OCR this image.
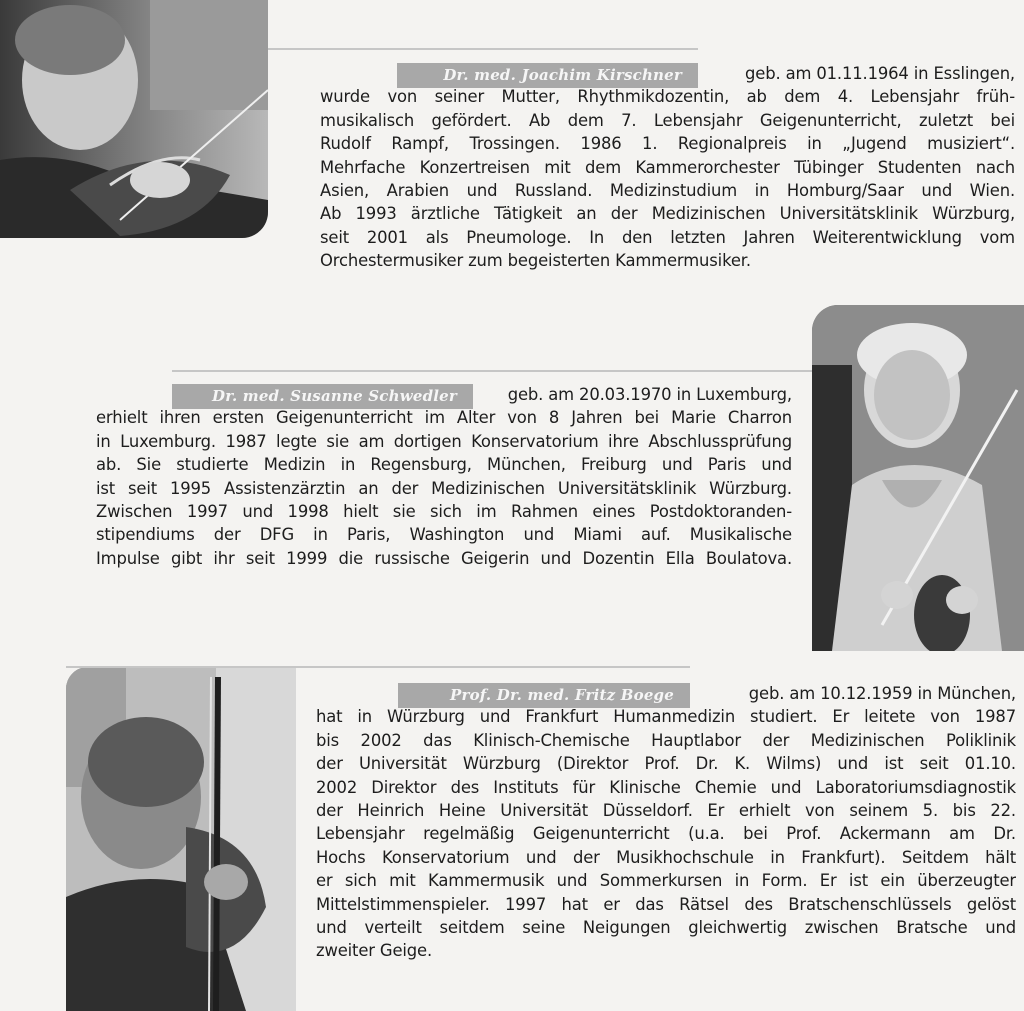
Dr. med. Joachim Kirschner	geb. am 01.11.1964 in Esslingen,
wurde von seiner Mutter, Rhythmikdozentin, ab dem 4. Lebensjahr früh-
musikalisch gefördert. Ab dem 7. Lebensjahr Geigenunterricht, zuletzt bei
Rudolf Rampf, Trossingen. 1986 1. Regionalpreis in „Jugend musiziert“.
Mehrfache Konzertreisen mit dem Kammerorchester Tübinger Studenten nach
Asien, Arabien und Russland. Medizinstudium in Homburg/Saar und Wien.
Ab 1993 ärztliche Tätigkeit an der Medizinischen Universitätsklinik Würzburg,
seit 2001 als Pneumologe. In den letzten Jahren Weiterentwicklung vom
Orchestermusiker zum begeisterten Kammermusiker.
Dr. med. Susanne Schwedler	geb. am 20.03.1970 in Luxemburg,
erhielt ihren ersten Geigenunterricht im Alter von 8 Jahren bei Marie Charron
in Luxemburg. 1987 legte sie am dortigen Konservatorium ihre Abschlussprüfung
ab. Sie studierte Medizin in Regensburg, München, Freiburg und Paris und
ist seit 1995 Assistenzärztin an der Medizinischen Universitätsklinik Würzburg.
Zwischen 1997 und 1998 hielt sie sich im Rahmen eines Postdoktoranden-
stipendiums der DFG in Paris, Washington und Miami auf. Musikalische
Impulse gibt ihr seit 1999 die russische Geigerin und Dozentin Ella Boulatova.
Prof. Dr. med. Fritz Boege	geb. am 10.12.1959 in München,
hat in Würzburg und Frankfurt Humanmedizin studiert. Er leitete von 1987
bis 2002 das Klinisch-Chemische Hauptlabor der Medizinischen Poliklinik
der Universität Würzburg (Direktor Prof. Dr. K. Wilms) und ist seit 01.10.
2002 Direktor des Instituts für Klinische Chemie und Laboratoriumsdiagnostik
der Heinrich Heine Universität Düsseldorf. Er erhielt von seinem 5. bis 22.
Lebensjahr regelmäßig Geigenunterricht (u.a. bei Prof. Ackermann am Dr.
Hochs Konservatorium und der Musikhochschule in Frankfurt). Seitdem hält
er sich mit Kammermusik und Sommerkursen in Form. Er ist ein überzeugter
Mittelstimmenspieler. 1997 hat er das Rätsel des Bratschenschlüssels gelöst
und verteilt seitdem seine Neigungen gleichwertig zwischen Bratsche und
zweiter Geige.
